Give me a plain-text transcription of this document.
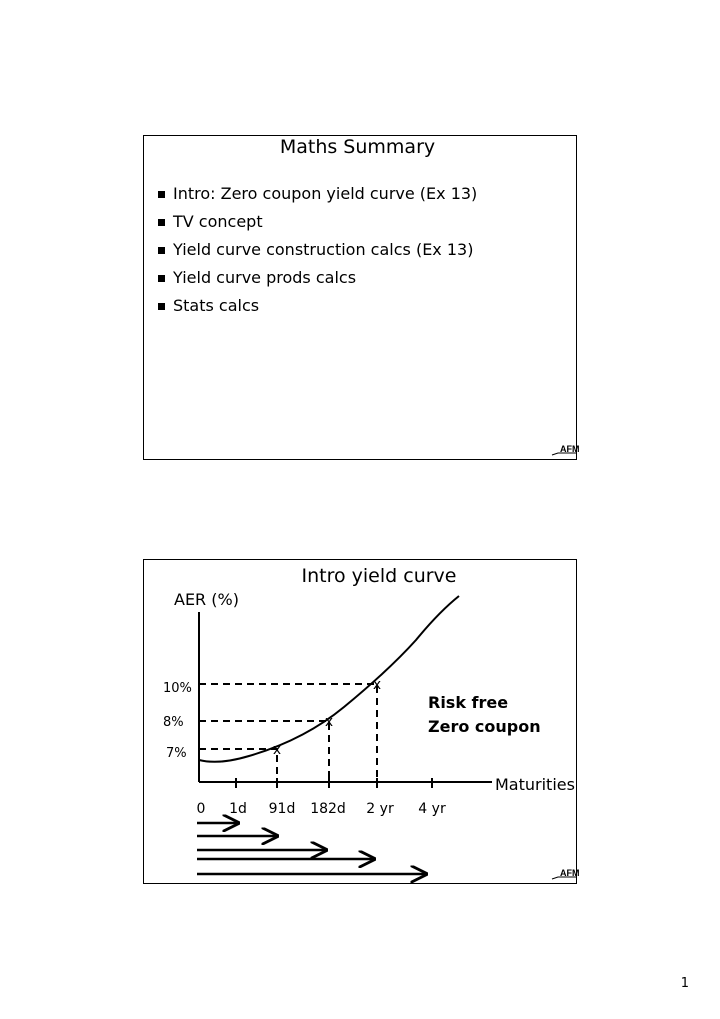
Maths Summary
Intro: Zero coupon yield curve (Ex 13)
TV concept
Yield curve construction calcs (Ex 13)
Yield curve prods calcs
Stats calcs
AFM
Intro yield curve
AER (%)
Maturities
x
x
x
10%
8%
7%
0 1d 91d 182d 2 yr 4 yr
Risk free
Zero coupon
AFM
1
